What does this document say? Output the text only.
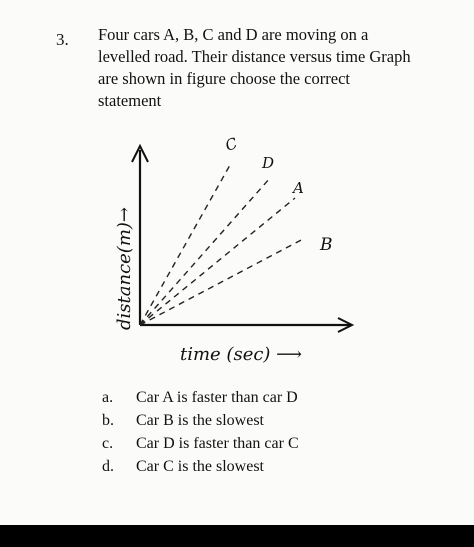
3. Four cars A, B, C and D are moving on a
levelled road. Their distance versus time Graph
are shown in figure choose the correct
statement
C
D
A
B
distance(m)→
time (sec) ⟶
a. Car A is faster than car D
b. Car B is the slowest
c. Car D is faster than car C
d. Car C is the slowest
